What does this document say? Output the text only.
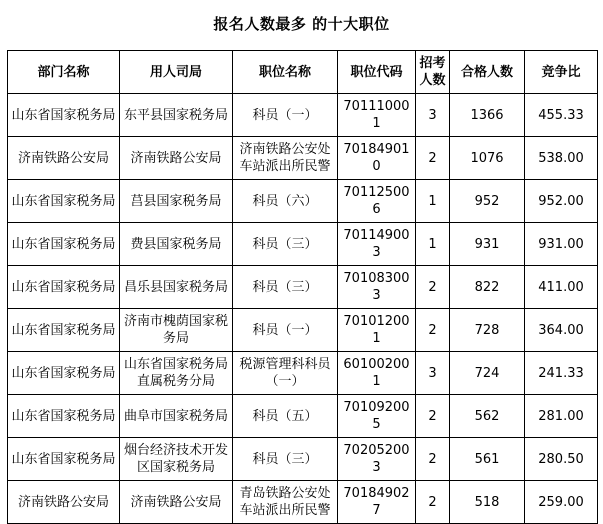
报名人数最多 的十大职位
部门名称	用人司局	职位名称	职位代码	招考人数	合格人数	竞争比
山东省国家税务局	东平县国家税务局	科员（一）	701110001	3	1366	455.33
济南铁路公安局	济南铁路公安局	济南铁路公安处车站派出所民警	701849010	2	1076	538.00
山东省国家税务局	莒县国家税务局	科员（六）	701125006	1	952	952.00
山东省国家税务局	费县国家税务局	科员（三）	701149003	1	931	931.00
山东省国家税务局	昌乐县国家税务局	科员（三）	701083003	2	822	411.00
山东省国家税务局	济南市槐荫国家税务局	科员（一）	701012001	2	728	364.00
山东省国家税务局	山东省国家税务局直属税务分局	税源管理科科员（一）	601002001	3	724	241.33
山东省国家税务局	曲阜市国家税务局	科员（五）	701092005	2	562	281.00
山东省国家税务局	烟台经济技术开发区国家税务局	科员（三）	702052003	2	561	280.50
济南铁路公安局	济南铁路公安局	青岛铁路公安处车站派出所民警	701849027	2	518	259.00
